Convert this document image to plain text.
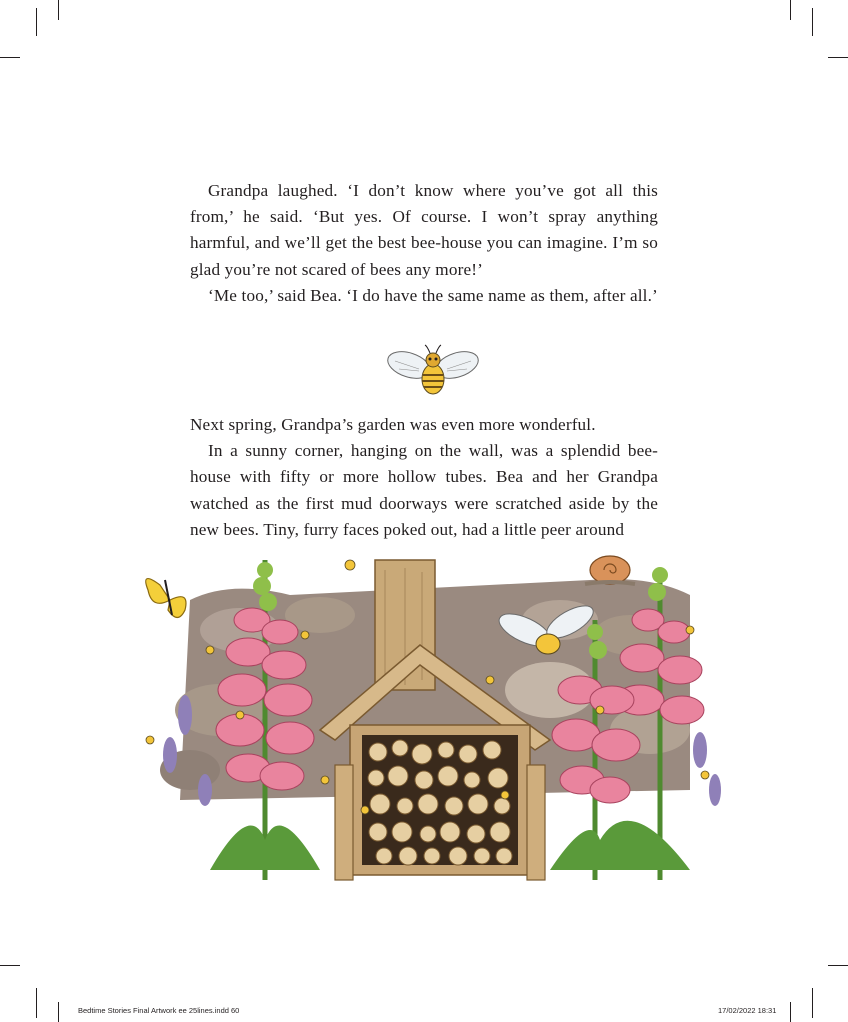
Grandpa laughed. ‘I don’t know where you’ve got all this from,’ he said. ‘But yes. Of course. I won’t spray anything harmful, and we’ll get the best bee-house you can imagine. I’m so glad you’re not scared of bees any more!’

‘Me too,’ said Bea. ‘I do have the same name as them, after all.’

Next spring, Grandpa’s garden was even more wonderful.

In a sunny corner, hanging on the wall, was a splendid bee-house with fifty or more hollow tubes. Bea and her Grandpa watched as the first mud doorways were scratched aside by the new bees. Tiny, furry faces poked out, had a little peer around

Bedtime Stories Final Artwork ee 25lines.indd 60	17/02/2022 18:31
